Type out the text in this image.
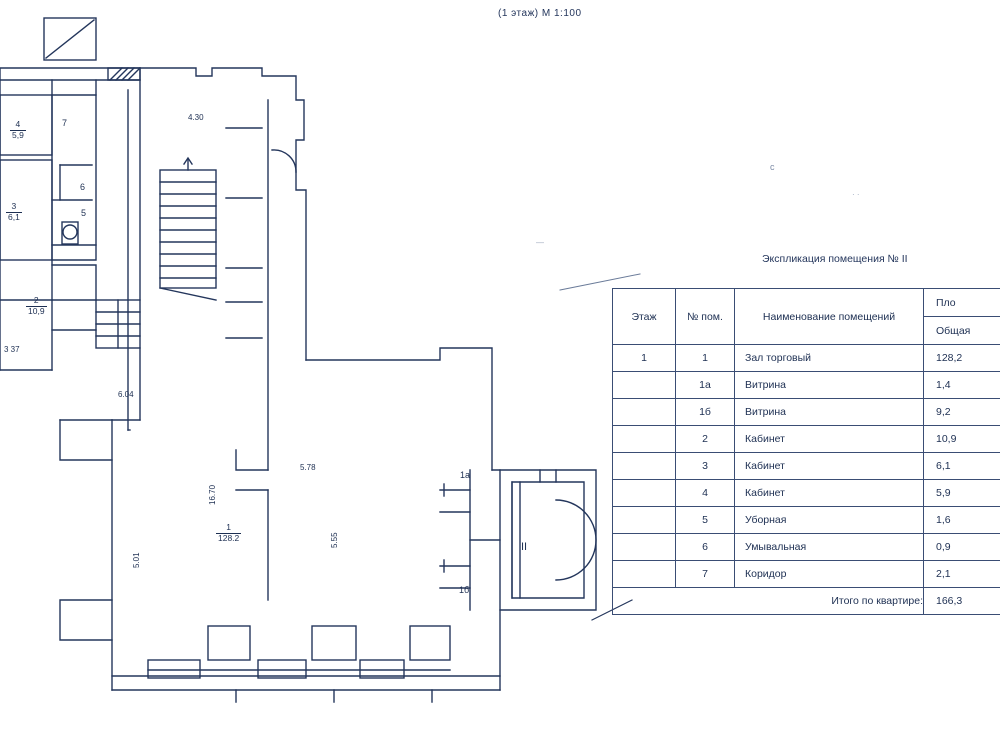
(1 этаж) М 1:100
· ·
—
4
5,9
3
6,1
2
10,9
1
128.2
7
6
5
1а
1б
II
с
4.30
3 37
6.04
5.78
16.70
5.01
5.55
Экспликация помещения № II
Этаж	№ пом.	Наименование помещений	Пло
			Общая
1	1	Зал торговый	128,2
	1а	Витрина	1,4
	1б	Витрина	9,2
	2	Кабинет	10,9
	3	Кабинет	6,1
	4	Кабинет	5,9
	5	Уборная	1,6
	6	Умывальная	0,9
	7	Коридор	2,1
Итого по квартире:			166,3
